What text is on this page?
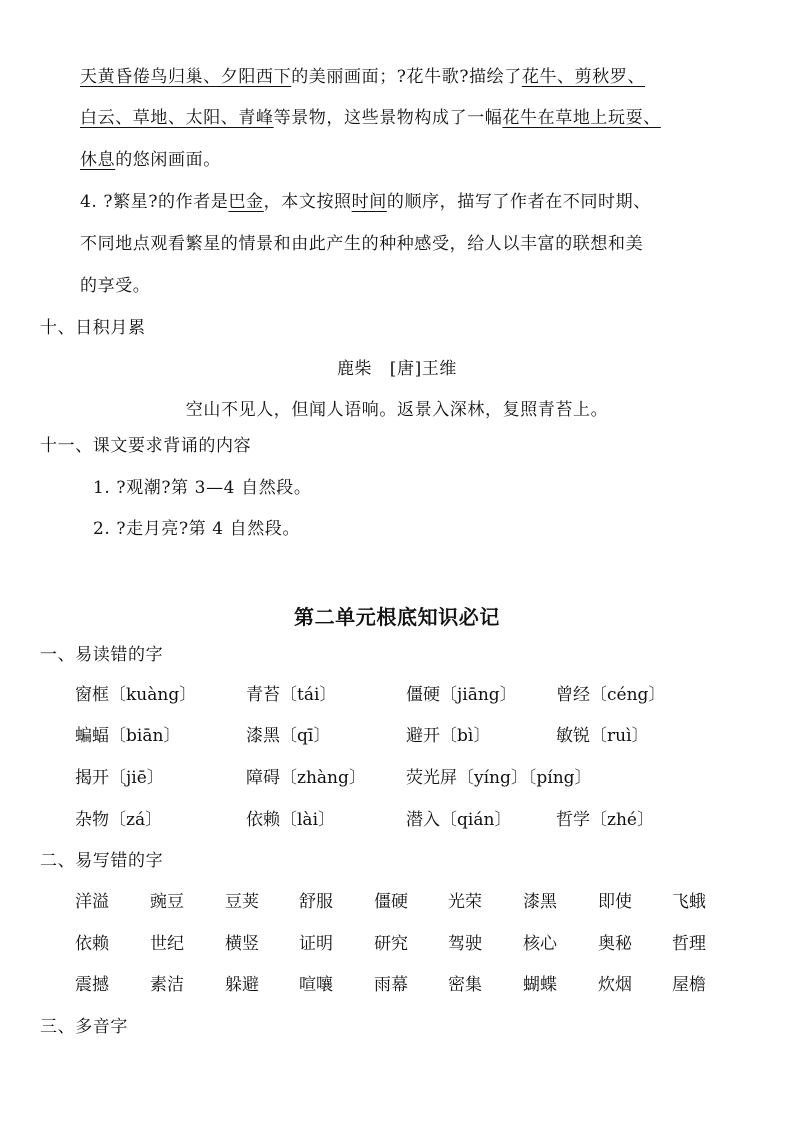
天黄昏倦鸟归巢、夕阳西下的美丽画面；?花牛歌?描绘了花牛、剪秋罗、
白云、草地、太阳、青峰等景物，这些景物构成了一幅花牛在草地上玩耍、
休息的悠闲画面。
4. ?繁星?的作者是巴金，本文按照时间的顺序，描写了作者在不同时期、
不同地点观看繁星的情景和由此产生的种种感受，给人以丰富的联想和美
的享受。
十、日积月累
鹿柴　[唐]王维
空山不见人，但闻人语响。返景入深林，复照青苔上。
十一、课文要求背诵的内容
1. ?观潮?第 3—4 自然段。
2. ?走月亮?第 4 自然段。
第二单元根底知识必记
一、易读错的字
窗框〔kuàng〕	青苔〔tái〕	僵硬〔jiāng〕 曾经〔céng〕
蝙蝠〔biān〕	漆黑〔qī〕	避开〔bì〕	敏锐〔ruì〕
揭开〔jiē〕	障碍〔zhàng〕 荧光屏〔yíng〕〔píng〕
杂物〔zá〕	依赖〔lài〕	潜入〔qián〕	哲学〔zhé〕
二、易写错的字
洋溢 豌豆 豆荚 舒服 僵硬 光荣 漆黑 即使 飞蛾
依赖 世纪 横竖 证明 研究 驾驶 核心 奥秘 哲理
震撼 素洁 躲避 喧嚷 雨幕 密集 蝴蝶 炊烟 屋檐
三、多音字
